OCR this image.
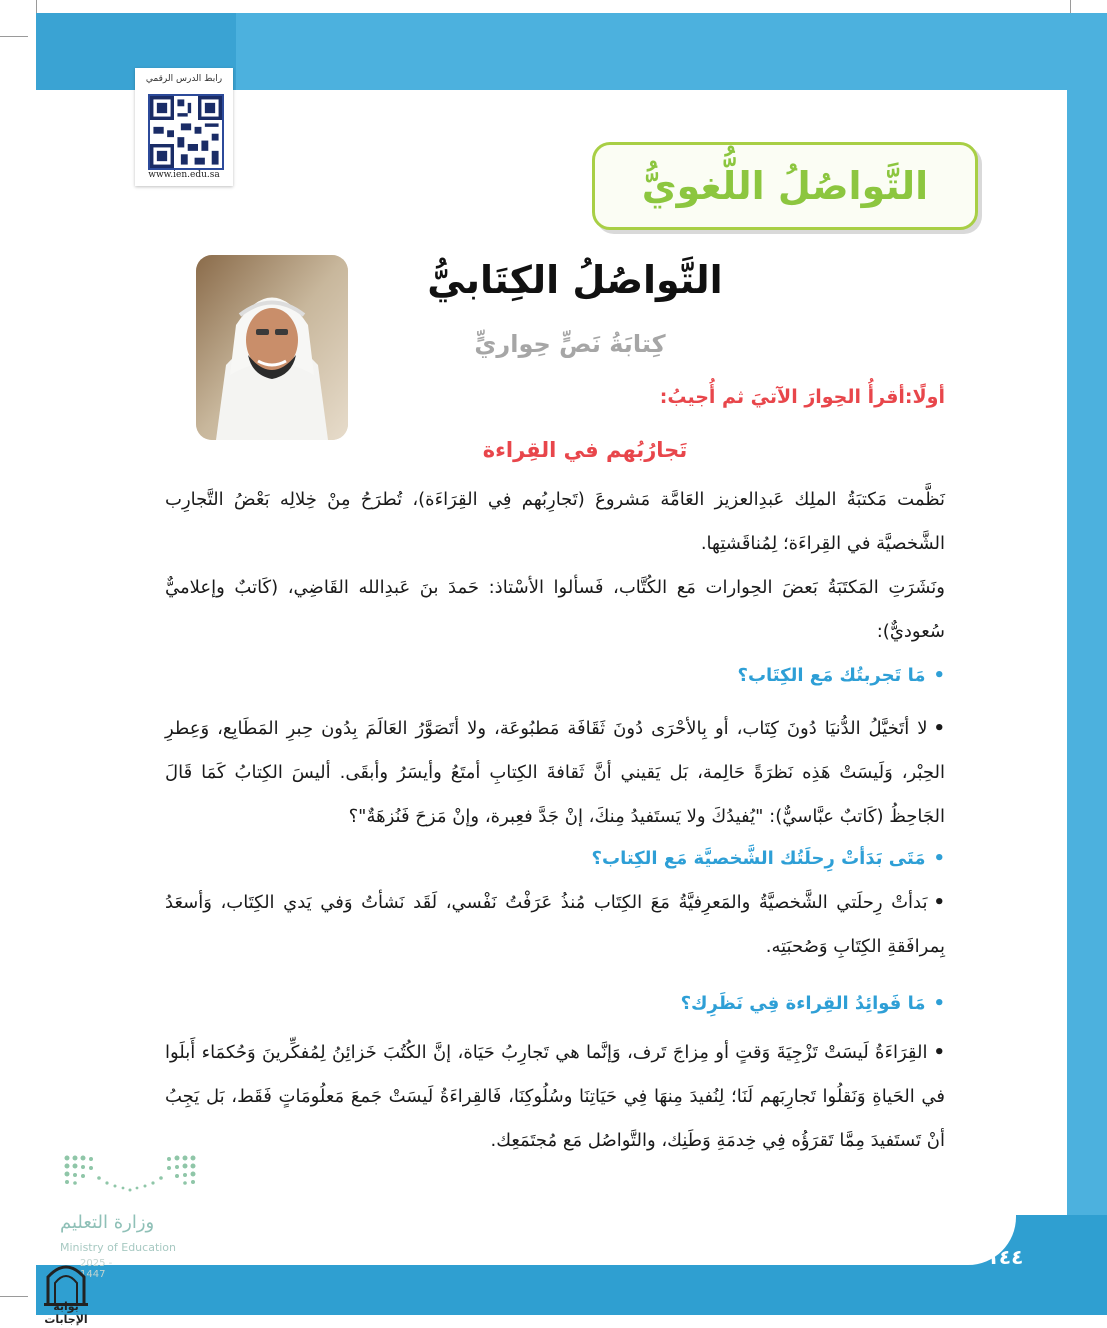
رابط الدرس الرقمي
www.ien.edu.sa	التَّواصُلُ اللُّغويُّ
التَّواصُلُ الكِتَابيُّ
كِتابَةُ نَصٍّ حِواريٍّ
أولًا:أقرأُ الحِوارَ الآتيَ ثم أُجيبُ:
تَجارُبُهم في القِراءة
نَظَّمت مَكتبَةُ الملِك عَبدِالعزيز العَامَّة مَشروعَ (تَجارِبُهم فِي القِرَاءَة)، تُطرَحُ مِنْ خِلالِه بَعْضُ التَّجارِب الشَّخصيَّة في القِراءَة؛ لِمُناقَشتِها.
ونَشَرَتِ المَكتَبَةُ بَعضَ الحِوارات مَع الكُتَّاب، فَسألوا الأسْتاذ: حَمدَ بنَ عَبدِالله القَاضِي، (كَاتبٌ وإعلاميٌّ سُعوديٌّ):
•مَا تَجربتُك مَع الكِتَاب؟
•لا أتَخيَّلُ الدُّنيَا دُونَ كِتَاب، أو بِالأحْرَى دُونَ ثَقَافَة مَطبُوعَة، ولا أتَصَوَّرُ العَالَمَ بِدُون حِبرِ المَطَابِع، وَعِطرِ الحِبْر، وَلَيسَتْ هَذِه نَظرَةً حَالِمة، بَل يَقيني أنَّ ثَقافةَ الكِتابِ أمتَعُ وأيسَرُ وأبقَى. أليسَ الكِتابُ كَمَا قَالَ الجَاحِظُ (كَاتبٌ عبَّاسيٌّ): "يُفيدُكَ ولا يَستَفيدُ مِنكَ، إنْ جَدَّ فعِبرة، وإنْ مَزحَ فَنُزهَةٌ"؟
•مَتَى بَدَأتْ رِحلَتُك الشَّخصيَّة مَع الكِتاب؟
•بَدأتْ رِحلَتي الشَّخصيَّةُ والمَعرِفيَّةُ مَعَ الكِتَاب مُنذُ عَرَفْتُ نَفْسي، لَقَد نَشأتُ وَفي يَدي الكِتَاب، وَأسعَدُ بِمرافَقةِ الكِتَابِ وَصُحبَتِه.
•مَا فَوائِدُ القِراءة فِي نَظَرِك؟
•القِرَاءَةُ لَيسَتْ تَزْجِيَةَ وَقتٍ أو مِزاجَ تَرف، وَإنَّما هي تَجارِبُ حَيَاة، إنَّ الكُتُبَ خَزائِنُ لِمُفكِّرينَ وَحُكمَاء أَبلَوا في الحَياةِ وَنَقلُوا تَجارِبَهم لَنَا؛ لِنُفيدَ مِنهَا فِي حَيَاتِنَا وسُلُوكِنَا، فَالقِراءَةُ لَيسَتْ جَمعَ مَعلُومَاتٍ فَقَط، بَل يَجِبُ أنْ تَستَفيدَ مِمَّا تَقرَؤُه فِي خِدمَةِ وَطَنِك، والتَّواصُل مَع مُجتَمَعِك.
١٤٤
وزارة التعليم
Ministry of Education
2025 - 1447
بوابة الإجابات
